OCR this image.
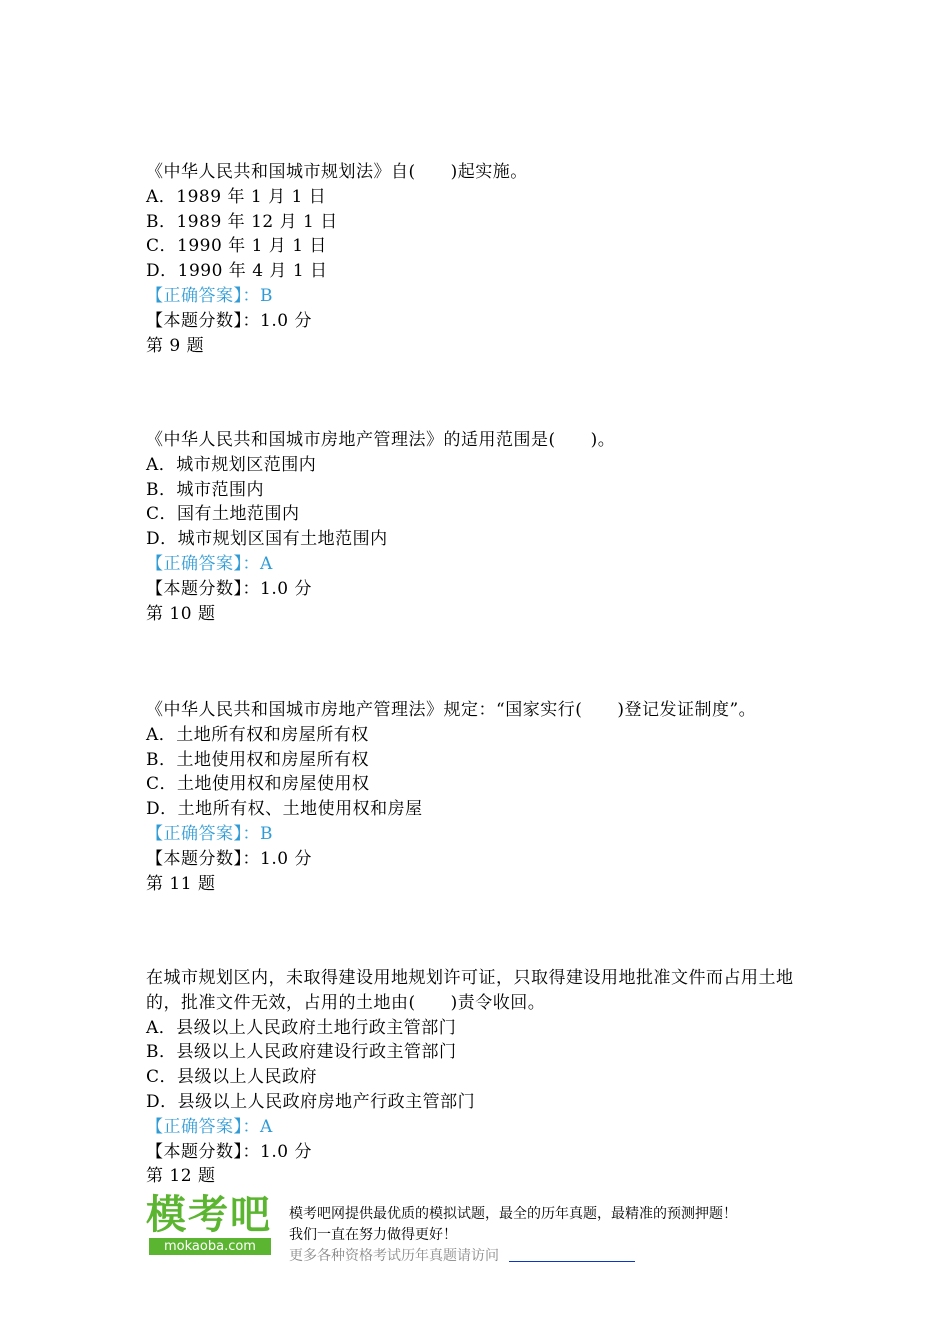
《中华人民共和国城市规划法》自(　　)起实施。
A．1989 年 1 月 1 日
B．1989 年 12 月 1 日
C．1990 年 1 月 1 日
D．1990 年 4 月 1 日
【正确答案】：B
【本题分数】：1.0 分
第 9 题
《中华人民共和国城市房地产管理法》的适用范围是(　　)。
A．城市规划区范围内
B．城市范围内
C．国有土地范围内
D．城市规划区国有土地范围内
【正确答案】：A
【本题分数】：1.0 分
第 10 题
《中华人民共和国城市房地产管理法》规定：“国家实行(　　)登记发证制度”。
A．土地所有权和房屋所有权
B．土地使用权和房屋所有权
C．土地使用权和房屋使用权
D．土地所有权、土地使用权和房屋
【正确答案】：B
【本题分数】：1.0 分
第 11 题
在城市规划区内，未取得建设用地规划许可证，只取得建设用地批准文件而占用土地的，批准文件无效，占用的土地由(　　)责令收回。
A．县级以上人民政府土地行政主管部门
B．县级以上人民政府建设行政主管部门
C．县级以上人民政府
D．县级以上人民政府房地产行政主管部门
【正确答案】：A
【本题分数】：1.0 分
第 12 题
模考吧
mokaoba.com
模考吧网提供最优质的模拟试题，最全的历年真题，最精准的预测押题！
我们一直在努力做得更好！
更多各种资格考试历年真题请访问
